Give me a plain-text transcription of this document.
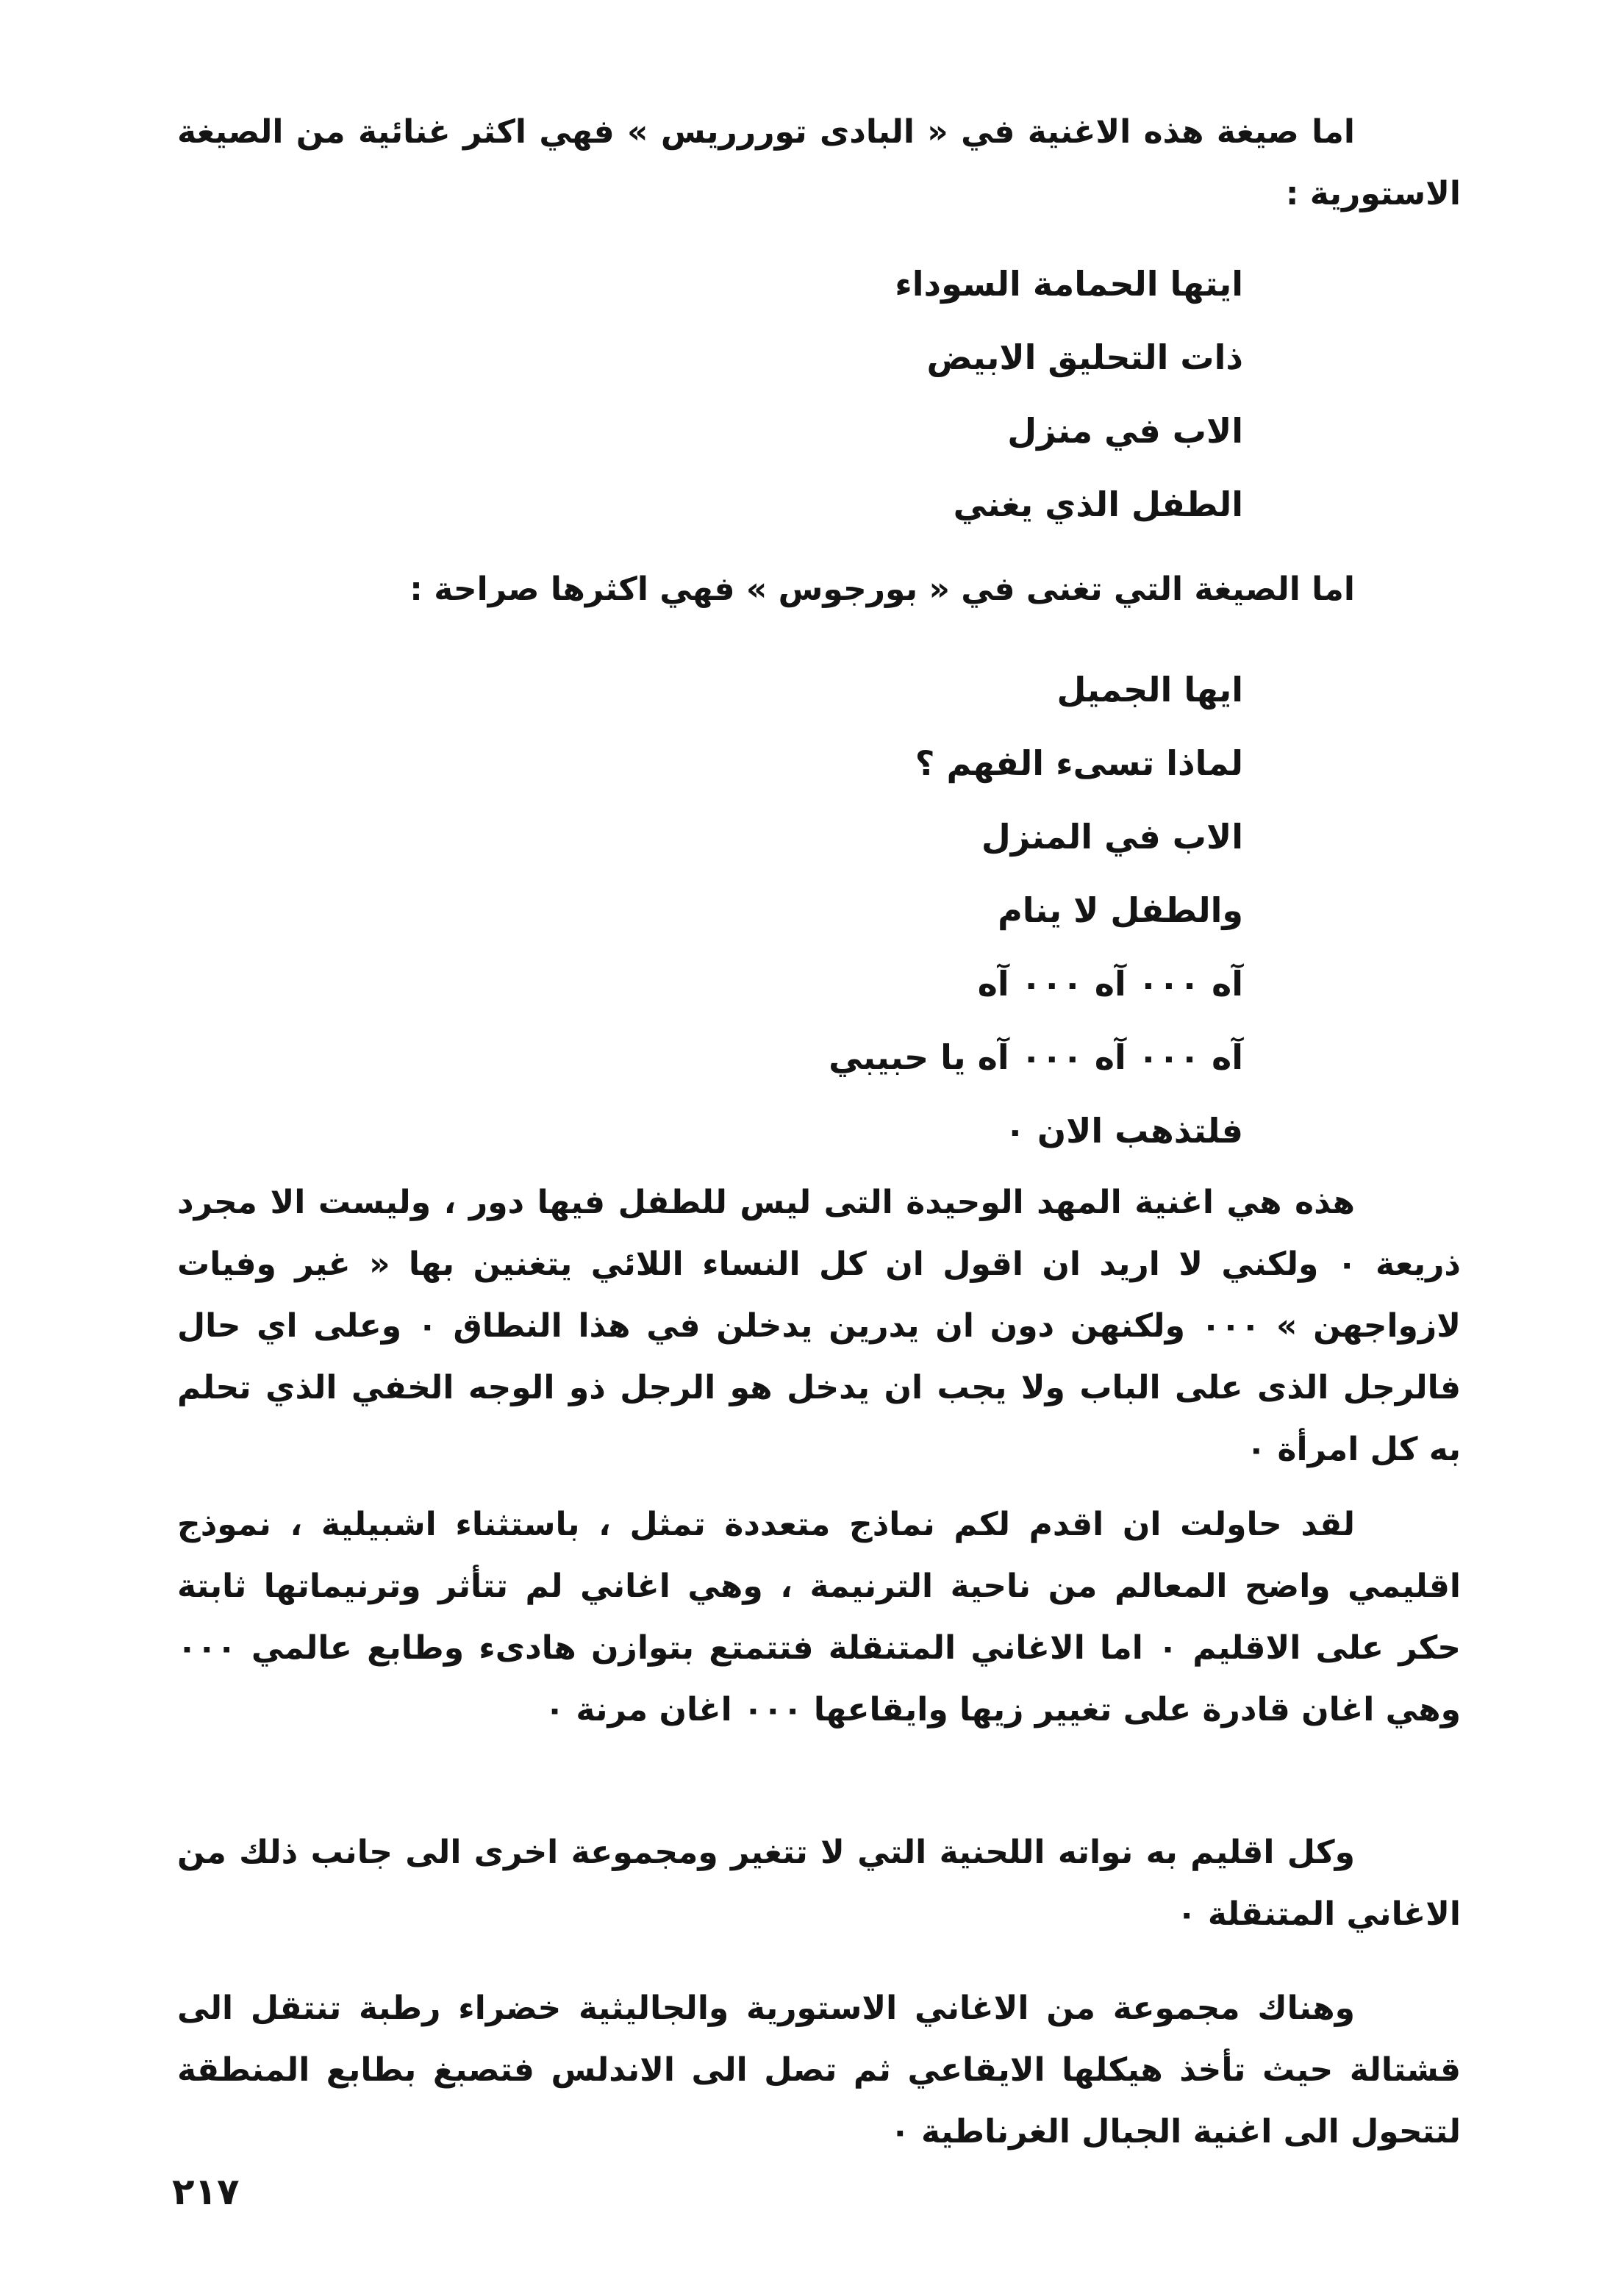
اما صيغة هذه الاغنية في « البادى توررريس » فهي اكثر غنائية من الصيغة الاستورية :

ايتها الحمامة السوداء
ذات التحليق الابيض
الاب في منزل
الطفل الذي يغني

اما الصيغة التي تغنى في « بورجوس » فهي اكثرها صراحة :

ايها الجميل
لماذا تسىء الفهم ؟
الاب في المنزل
والطفل لا ينام
آه ٠٠٠ آه ٠٠٠ آه
آه ٠٠٠ آه ٠٠٠ آه يا حبيبي
فلتذهب الان ٠

هذه هي اغنية المهد الوحيدة التى ليس للطفل فيها دور ، وليست الا مجرد ذريعة ٠ ولكني لا اريد ان اقول ان كل النساء اللائي يتغنين بها « غير وفيات لازواجهن » ٠٠٠ ولكنهن دون ان يدرين يدخلن في هذا النطاق ٠ وعلى اي حال فالرجل الذى على الباب ولا يجب ان يدخل هو الرجل ذو الوجه الخفي الذي تحلم به كل امرأة ٠

لقد حاولت ان اقدم لكم نماذج متعددة تمثل ، باستثناء اشبيلية ، نموذج اقليمي واضح المعالم من ناحية الترنيمة ، وهي اغاني لم تتأثر وترنيماتها ثابتة حكر على الاقليم ٠ اما الاغاني المتنقلة فتتمتع بتوازن هادىء وطابع عالمي ٠٠٠ وهي اغان قادرة على تغيير زيها وايقاعها ٠٠٠ اغان مرنة ٠

وكل اقليم به نواته اللحنية التي لا تتغير ومجموعة اخرى الى جانب ذلك من الاغاني المتنقلة ٠

وهناك مجموعة من الاغاني الاستورية والجاليثية خضراء رطبة تنتقل الى قشتالة حيث تأخذ هيكلها الايقاعي ثم تصل الى الاندلس فتصبغ بطابع المنطقة لتتحول الى اغنية الجبال الغرناطية ٠

٢١٧
